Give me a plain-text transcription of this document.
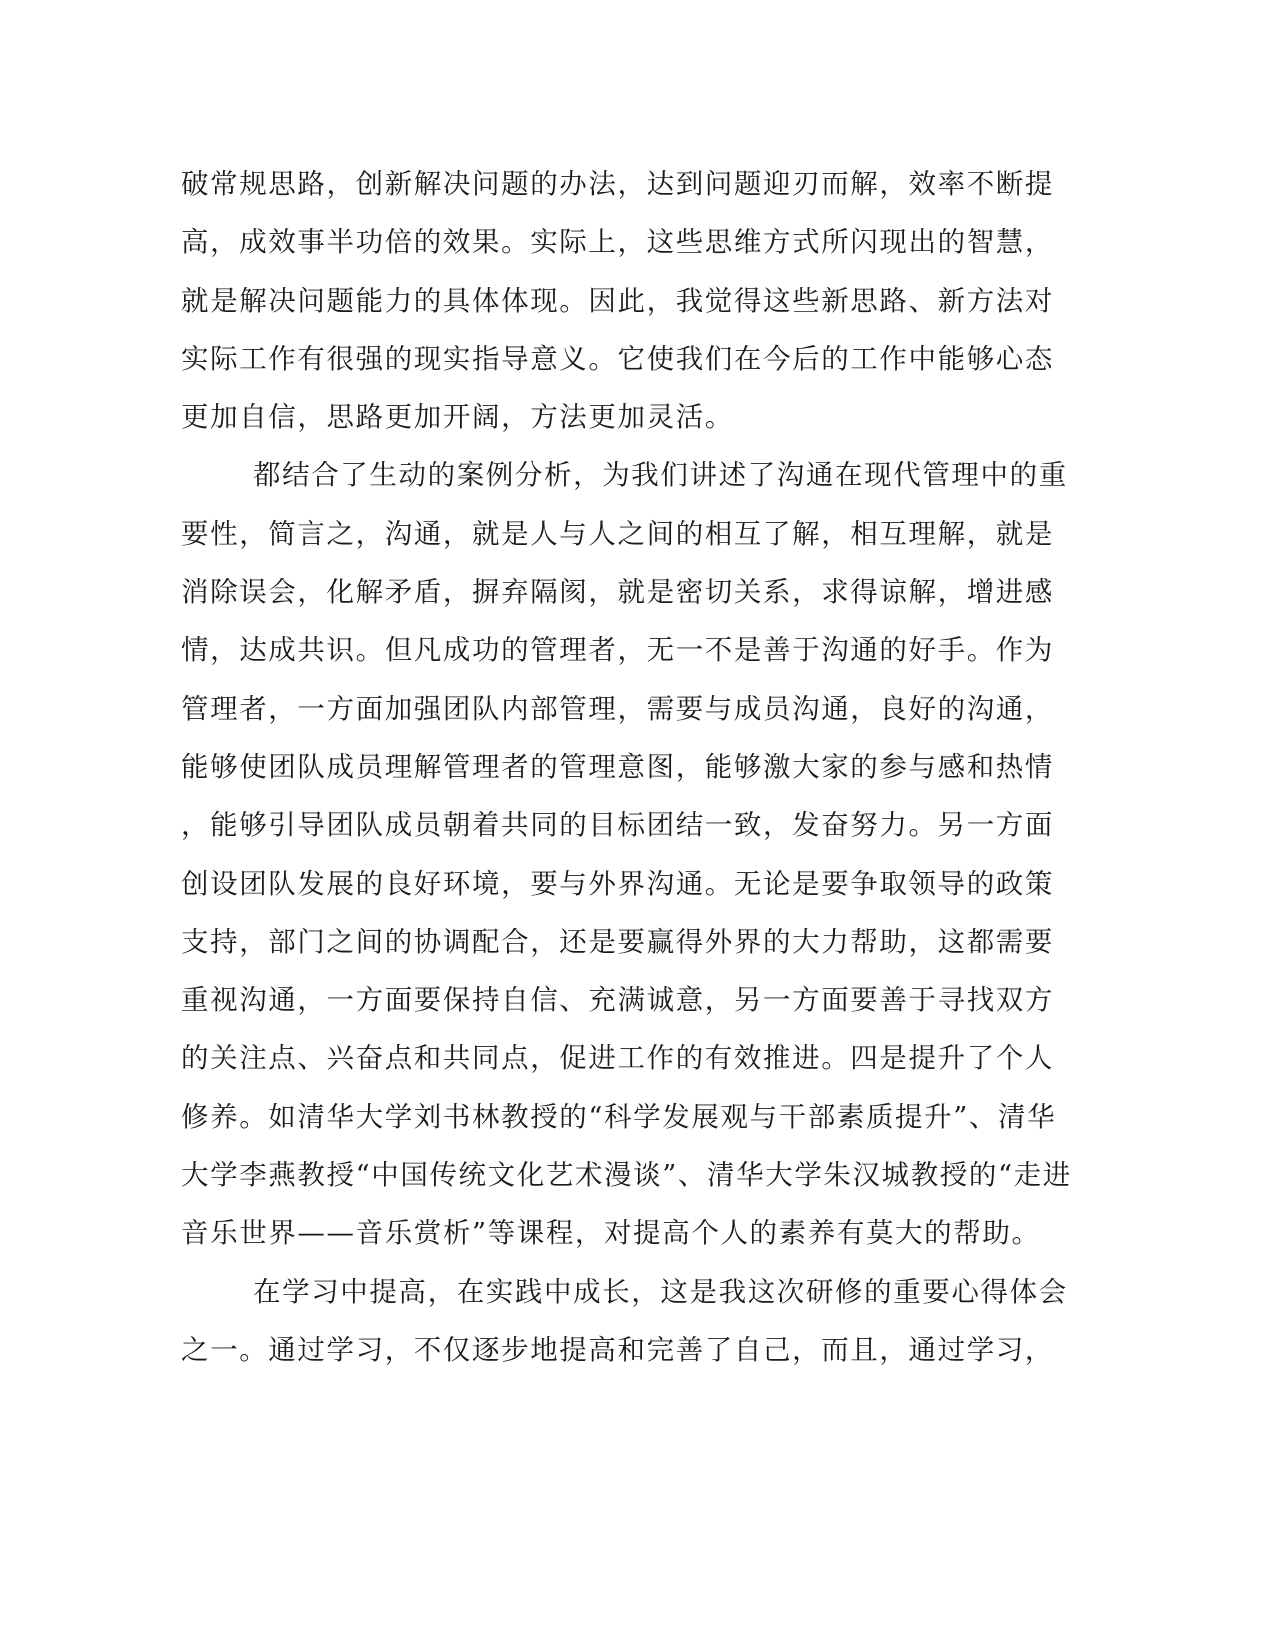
破常规思路，创新解决问题的办法，达到问题迎刃而解，效率不断提
高，成效事半功倍的效果。实际上，这些思维方式所闪现出的智慧，
就是解决问题能力的具体体现。因此，我觉得这些新思路、新方法对
实际工作有很强的现实指导意义。它使我们在今后的工作中能够心态
更加自信，思路更加开阔，方法更加灵活。
都结合了生动的案例分析，为我们讲述了沟通在现代管理中的重
要性，简言之，沟通，就是人与人之间的相互了解，相互理解，就是
消除误会，化解矛盾，摒弃隔阂，就是密切关系，求得谅解，增进感
情，达成共识。但凡成功的管理者，无一不是善于沟通的好手。作为
管理者，一方面加强团队内部管理，需要与成员沟通，良好的沟通，
能够使团队成员理解管理者的管理意图，能够激大家的参与感和热情
，能够引导团队成员朝着共同的目标团结一致，发奋努力。另一方面
创设团队发展的良好环境，要与外界沟通。无论是要争取领导的政策
支持，部门之间的协调配合，还是要赢得外界的大力帮助，这都需要
重视沟通，一方面要保持自信、充满诚意，另一方面要善于寻找双方
的关注点、兴奋点和共同点，促进工作的有效推进。四是提升了个人
修养。如清华大学刘书林教授的“科学发展观与干部素质提升”、清华
大学李燕教授“中国传统文化艺术漫谈”、清华大学朱汉城教授的“走进
音乐世界——音乐赏析”等课程，对提高个人的素养有莫大的帮助。
在学习中提高，在实践中成长，这是我这次研修的重要心得体会
之一。通过学习，不仅逐步地提高和完善了自己，而且，通过学习，
